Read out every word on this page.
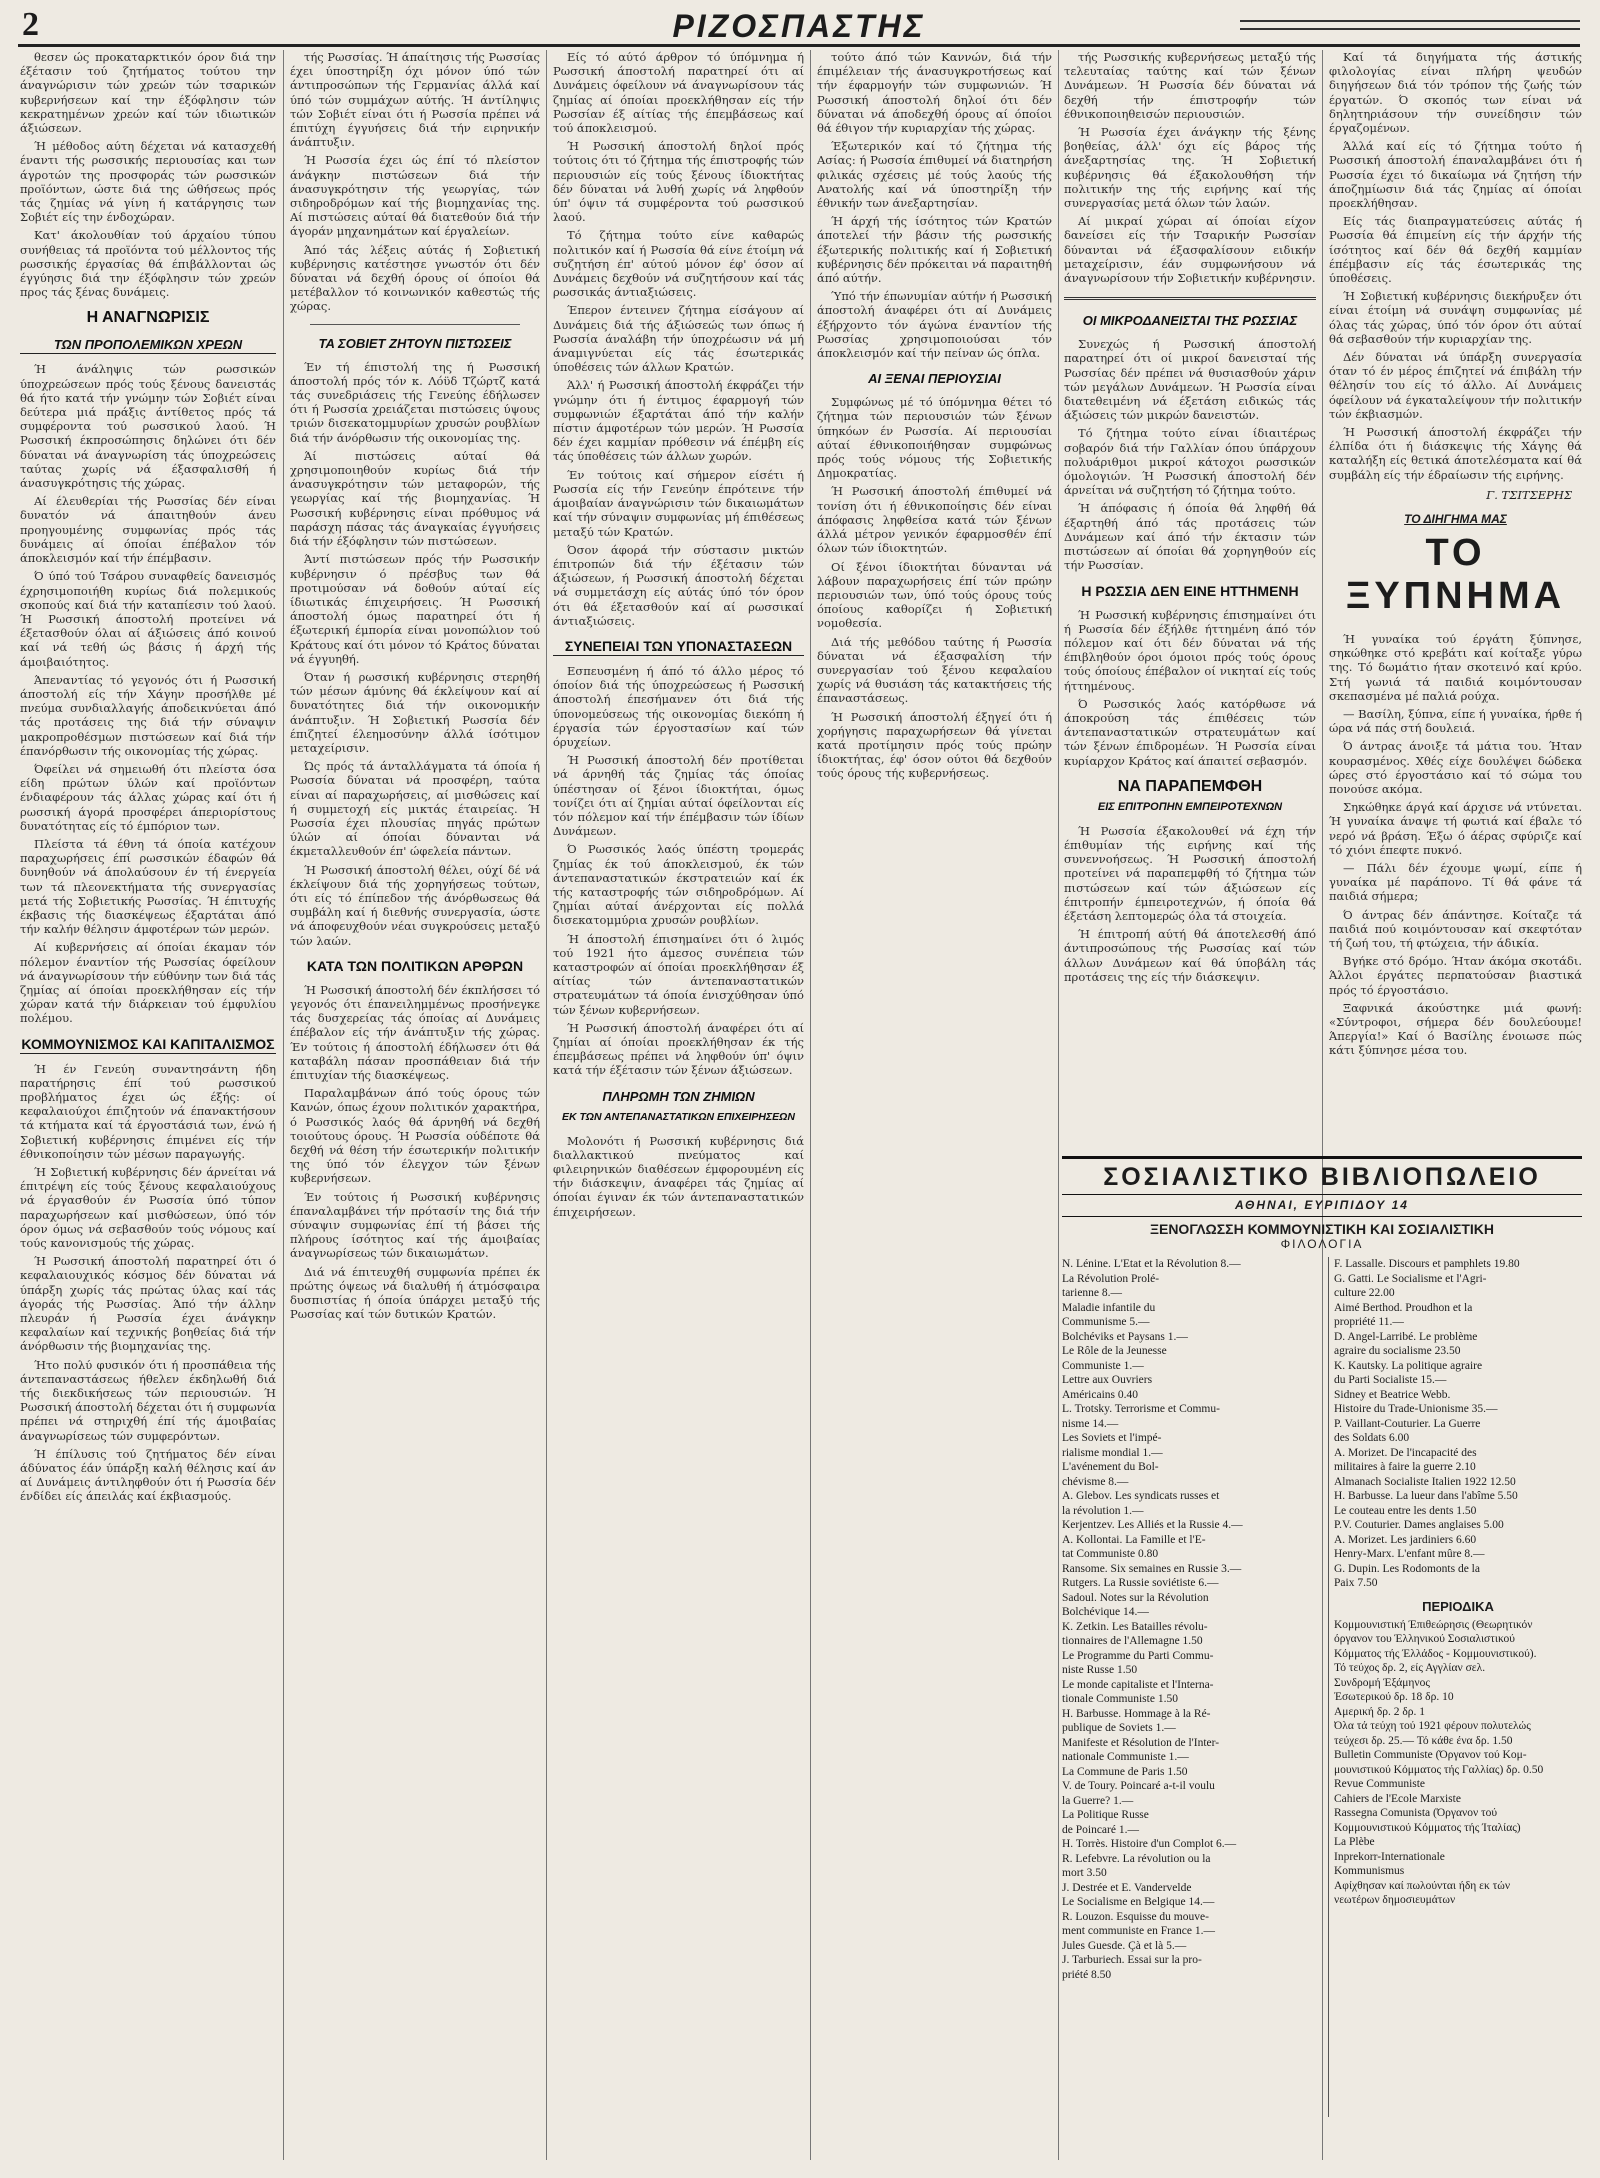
2	ΡΙΖΟΣΠΑΣΤΗΣ

θεσεν ώς προκαταρκτικόν όρον διά την έξέτασιν τού ζητήματος τούτου την άναγνώρισιν τών χρεών τών τσαρικών κυβερνήσεων καί την έξόφλησιν τών κεκρατημένων χρεών καί τών ιδιωτικών άξιώσεων.

Ή μέθοδος αύτη δέχεται νά κατασχεθή έναντι τής ρωσσικής περιουσίας και των άγροτών της προσφοράς τών ρωσσικών προϊόντων, ώστε διά της ώθήσεως πρός τάς ζημίας νά γίνη ή κατάργησις των Σοβιέτ είς την ένδοχώραν.

Κατ' άκολουθίαν τού άρχαίου τύπου συνήθειας τά προϊόντα τού μέλλοντος τής ρωσσικής έργασίας θά έπιβάλλονται ώς έγγύησις διά την έξόφλησιν τών χρεών προς τάς ξένας δυνάμεις.

Η ΑΝΑΓΝΩΡΙΣΙΣ
ΤΩΝ ΠΡΟΠΟΛΕΜΙΚΩΝ ΧΡΕΩΝ

Ή άνάληψις τών ρωσσικών ύποχρεώσεων πρός τούς ξένους δανειστάς θά ήτο κατά τήν γνώμην τών Σοβιέτ είναι δεύτερα μιά πράξις άντίθετος πρός τά συμφέροντα τού ρωσσικού λαού. Ή Ρωσσική έκπροσώπησις δηλώνει ότι δέν δύναται νά άναγνωρίση τάς ύποχρεώσεις ταύτας χωρίς νά έξασφαλισθή ή άνασυγκρότησις τής χώρας.

Αί έλευθερίαι τής Ρωσσίας δέν είναι δυνατόν νά άπαιτηθούν άνευ προηγουμένης συμφωνίας πρός τάς δυνάμεις αί όποίαι έπέβαλον τόν άποκλεισμόν καί τήν έπέμβασιν.

Ό ύπό τού Τσάρου συναφθείς δανεισμός έχρησιμοποιήθη κυρίως διά πολεμικούς σκοπούς καί διά τήν καταπίεσιν τού λαού. Ή Ρωσσική άποστολή προτείνει νά έξετασθούν όλαι αί άξιώσεις άπό κοινού καί νά τεθή ώς βάσις ή άρχή τής άμοιβαιότητος.

Άπεναντίας τό γεγονός ότι ή Ρωσσική άποστολή είς τήν Χάγην προσήλθε μέ πνεύμα συνδιαλλαγής άποδεικνύεται άπό τάς προτάσεις της διά τήν σύναψιν μακροπροθέσμων πιστώσεων καί διά τήν έπανόρθωσιν τής οικονομίας τής χώρας.

Όφείλει νά σημειωθή ότι πλείστα όσα είδη πρώτων ύλών καί προϊόντων ένδιαφέρουν τάς άλλας χώρας καί ότι ή ρωσσική άγορά προσφέρει άπεριορίστους δυνατότητας είς τό έμπόριον των.

Πλείστα τά έθνη τά όποία κατέχουν παραχωρήσεις έπί ρωσσικών έδαφών θά δυνηθούν νά άπολαύσουν έν τή ένεργεία των τά πλεονεκτήματα τής συνεργασίας μετά τής Σοβιετικής Ρωσσίας. Ή έπιτυχής έκβασις τής διασκέψεως έξαρτάται άπό τήν καλήν θέλησιν άμφοτέρων τών μερών.

Αί κυβερνήσεις αί όποίαι έκαμαν τόν πόλεμον έναντίον τής Ρωσσίας όφείλουν νά άναγνωρίσουν τήν εύθύνην των διά τάς ζημίας αί όποίαι προεκλήθησαν είς τήν χώραν κατά τήν διάρκειαν τού έμφυλίου πολέμου.

ΚΟΜΜΟΥΝΙΣΜΟΣ ΚΑΙ ΚΑΠΙΤΑΛΙΣΜΟΣ

Ή έν Γενεύη συναντησάντη ήδη παρατήρησις έπί τού ρωσσικού προβλήματος έχει ώς έξής: οί κεφαλαιούχοι έπιζητούν νά έπανακτήσουν τά κτήματα καί τά έργοστάσιά των, ένώ ή Σοβιετική κυβέρνησις έπιμένει είς τήν έθνικοποίησιν τών μέσων παραγωγής.

Ή Σοβιετική κυβέρνησις δέν άρνείται νά έπιτρέψη είς τούς ξένους κεφαλαιούχους νά έργασθούν έν Ρωσσία ύπό τύπον παραχωρήσεων καί μισθώσεων, ύπό τόν όρον όμως νά σεβασθούν τούς νόμους καί τούς κανονισμούς τής χώρας.

Ή Ρωσσική άποστολή παρατηρεί ότι ό κεφαλαιουχικός κόσμος δέν δύναται νά ύπάρξη χωρίς τάς πρώτας ύλας καί τάς άγοράς τής Ρωσσίας. Άπό τήν άλλην πλευράν ή Ρωσσία έχει άνάγκην κεφαλαίων καί τεχνικής βοηθείας διά τήν άνόρθωσιν τής βιομηχανίας της.

Ήτο πολύ φυσικόν ότι ή προσπάθεια τής άντεπαναστάσεως ήθελεν έκδηλωθή διά τής διεκδικήσεως τών περιουσιών. Ή Ρωσσική άποστολή δέχεται ότι ή συμφωνία πρέπει νά στηριχθή έπί τής άμοιβαίας άναγνωρίσεως τών συμφερόντων.

Ή έπίλυσις τού ζητήματος δέν είναι άδύνατος έάν ύπάρξη καλή θέλησις καί άν αί Δυνάμεις άντιληφθούν ότι ή Ρωσσία δέν ένδίδει είς άπειλάς καί έκβιασμούς.

τής Ρωσσίας. Ή άπαίτησις τής Ρωσσίας έχει ύποστηρίξη όχι μόνον ύπό τών άντιπροσώπων τής Γερμανίας άλλά καί ύπό τών συμμάχων αύτής. Ή άντίληψις τών Σοβιέτ είναι ότι ή Ρωσσία πρέπει νά έπιτύχη έγγυήσεις διά τήν ειρηνικήν άνάπτυξιν.

Ή Ρωσσία έχει ώς έπί τό πλείστον άνάγκην πιστώσεων διά τήν άνασυγκρότησιν τής γεωργίας, τών σιδηροδρόμων καί τής βιομηχανίας της. Αί πιστώσεις αύταί θά διατεθούν διά τήν άγοράν μηχανημάτων καί έργαλείων.

Άπό τάς λέξεις αύτάς ή Σοβιετική κυβέρνησις κατέστησε γνωστόν ότι δέν δύναται νά δεχθή όρους οί όποίοι θά μετέβαλλον τό κοινωνικόν καθεστώς τής χώρας.

ΤΑ ΣΟΒΙΕΤ ΖΗΤΟΥΝ ΠΙΣΤΩΣΕΙΣ

Έν τή έπιστολή της ή Ρωσσική άποστολή πρός τόν κ. Λόϋδ Τζώρτζ κατά τάς συνεδριάσεις τής Γενεύης έδήλωσεν ότι ή Ρωσσία χρειάζεται πιστώσεις ύψους τριών δισεκατομμυρίων χρυσών ρουβλίων διά τήν άνόρθωσιν τής οικονομίας της.

Άί πιστώσεις αύταί θά χρησιμοποιηθούν κυρίως διά τήν άνασυγκρότησιν τών μεταφορών, τής γεωργίας καί τής βιομηχανίας. Ή Ρωσσική κυβέρνησις είναι πρόθυμος νά παράσχη πάσας τάς άναγκαίας έγγυήσεις διά τήν έξόφλησιν τών πιστώσεων.

Άντί πιστώσεων πρός τήν Ρωσσικήν κυβέρνησιν ό πρέσβυς των θά προτιμούσαν νά δοθούν αύταί είς ίδιωτικάς έπιχειρήσεις. Ή Ρωσσική άποστολή όμως παρατηρεί ότι ή έξωτερική έμπορία είναι μονοπώλιον τού Κράτους καί ότι μόνον τό Κράτος δύναται νά έγγυηθή.

Όταν ή ρωσσική κυβέρνησις στερηθή τών μέσων άμύνης θά έκλείψουν καί αί δυνατότητες διά τήν οικονομικήν άνάπτυξιν. Ή Σοβιετική Ρωσσία δέν έπιζητεί έλεημοσύνην άλλά ίσότιμον μεταχείρισιν.

Ώς πρός τά άνταλλάγματα τά όποία ή Ρωσσία δύναται νά προσφέρη, ταύτα είναι αί παραχωρήσεις, αί μισθώσεις καί ή συμμετοχή είς μικτάς έταιρείας. Ή Ρωσσία έχει πλουσίας πηγάς πρώτων ύλών αί όποίαι δύνανται νά έκμεταλλευθούν έπ' ώφελεία πάντων.

Ή Ρωσσική άποστολή θέλει, ούχί δέ νά έκλείψουν διά τής χορηγήσεως τούτων, ότι είς τό έπίπεδον τής άνόρθωσεως θά συμβάλη καί ή διεθνής συνεργασία, ώστε νά άποφευχθούν νέαι συγκρούσεις μεταξύ τών λαών.

ΚΑΤΑ ΤΩΝ ΠΟΛΙΤΙΚΩΝ ΑΡΘΡΩΝ

Ή Ρωσσική άποστολή δέν έκπλήσσει τό γεγονός ότι έπανειλημμένως προσήνεγκε τάς δυσχερείας τάς όποίας αί Δυνάμεις έπέβαλον είς τήν άνάπτυξιν τής χώρας. Έν τούτοις ή άποστολή έδήλωσεν ότι θά καταβάλη πάσαν προσπάθειαν διά τήν έπιτυχίαν τής διασκέψεως.

Παραλαμβάνων άπό τούς όρους τών Κανών, όπως έχουν πολιτικόν χαρακτήρα, ό Ρωσσικός λαός θά άρνηθή νά δεχθή τοιούτους όρους. Ή Ρωσσία ούδέποτε θά δεχθή νά θέση τήν έσωτερικήν πολιτικήν της ύπό τόν έλεγχον τών ξένων κυβερνήσεων.

Έν τούτοις ή Ρωσσική κυβέρνησις έπαναλαμβάνει τήν πρότασίν της διά τήν σύναψιν συμφωνίας έπί τή βάσει τής πλήρους ίσότητος καί τής άμοιβαίας άναγνωρίσεως τών δικαιωμάτων.

Διά νά έπιτευχθή συμφωνία πρέπει έκ πρώτης όψεως νά διαλυθή ή άτμόσφαιρα δυσπιστίας ή όποία ύπάρχει μεταξύ τής Ρωσσίας καί τών δυτικών Κρατών.

Είς τό αύτό άρθρον τό ύπόμνημα ή Ρωσσική άποστολή παρατηρεί ότι αί Δυνάμεις όφείλουν νά άναγνωρίσουν τάς ζημίας αί όποίαι προεκλήθησαν είς τήν Ρωσσίαν έξ αίτίας τής έπεμβάσεως καί τού άποκλεισμού.

Ή Ρωσσική άποστολή δηλοί πρός τούτοις ότι τό ζήτημα τής έπιστροφής τών περιουσιών είς τούς ξένους ίδιοκτήτας δέν δύναται νά λυθή χωρίς νά ληφθούν ύπ' όψιν τά συμφέροντα τού ρωσσικού λαού.

Τό ζήτημα τούτο είνε καθαρώς πολιτικόν καί ή Ρωσσία θά είνε έτοίμη νά συζητήση έπ' αύτού μόνον έφ' όσον αί Δυνάμεις δεχθούν νά συζητήσουν καί τάς ρωσσικάς άντιαξιώσεις.

Έπερον έντεινεν ζήτημα είσάγουν αί Δυνάμεις διά τής άξιώσεώς των όπως ή Ρωσσία άναλάβη τήν ύποχρέωσιν νά μή άναμιγνύεται είς τάς έσωτερικάς ύποθέσεις τών άλλων Κρατών.

Άλλ' ή Ρωσσική άποστολή έκφράζει τήν γνώμην ότι ή έντιμος έφαρμογή τών συμφωνιών έξαρτάται άπό τήν καλήν πίστιν άμφοτέρων τών μερών. Ή Ρωσσία δέν έχει καμμίαν πρόθεσιν νά έπέμβη είς τάς ύποθέσεις τών άλλων χωρών.

Έν τούτοις καί σήμερον είσέτι ή Ρωσσία είς τήν Γενεύην έπρότεινε τήν άμοιβαίαν άναγνώρισιν τών δικαιωμάτων καί τήν σύναψιν συμφωνίας μή έπιθέσεως μεταξύ τών Κρατών.

Όσον άφορά τήν σύστασιν μικτών έπιτροπών διά τήν έξέτασιν τών άξιώσεων, ή Ρωσσική άποστολή δέχεται νά συμμετάσχη είς αύτάς ύπό τόν όρον ότι θά έξετασθούν καί αί ρωσσικαί άντιαξιώσεις.

ΣΥΝΕΠΕΙΑΙ ΤΩΝ ΥΠΟΝΑΣΤΑΣΕΩΝ

Εσπευσμένη ή άπό τό άλλο μέρος τό όποίον διά τής ύποχρεώσεως ή Ρωσσική άποστολή έπεσήμανεν ότι διά τής ύπονομεύσεως τής οικονομίας διεκόπη ή έργασία τών έργοστασίων καί τών όρυχείων.

Ή Ρωσσική άποστολή δέν προτίθεται νά άρνηθή τάς ζημίας τάς όποίας ύπέστησαν οί ξένοι ίδιοκτήται, όμως τονίζει ότι αί ζημίαι αύταί όφείλονται είς τόν πόλεμον καί τήν έπέμβασιν τών ίδίων Δυνάμεων.

Ό Ρωσσικός λαός ύπέστη τρομεράς ζημίας έκ τού άποκλεισμού, έκ τών άντεπαναστατικών έκστρατειών καί έκ τής καταστροφής τών σιδηροδρόμων. Αί ζημίαι αύταί άνέρχονται είς πολλά δισεκατομμύρια χρυσών ρουβλίων.

Ή άποστολή έπισημαίνει ότι ό λιμός τού 1921 ήτο άμεσος συνέπεια τών καταστροφών αί όποίαι προεκλήθησαν έξ αίτίας τών άντεπαναστατικών στρατευμάτων τά όποία ένισχύθησαν ύπό τών ξένων κυβερνήσεων.

Ή Ρωσσική άποστολή άναφέρει ότι αί ζημίαι αί όποίαι προεκλήθησαν έκ τής έπεμβάσεως πρέπει νά ληφθούν ύπ' όψιν κατά τήν έξέτασιν τών ξένων άξιώσεων.

ΠΛΗΡΩΜΗ ΤΩΝ ΖΗΜΙΩΝ
ΕΚ ΤΩΝ ΑΝΤΕΠΑΝΑΣΤΑΤΙΚΩΝ ΕΠΙΧΕΙΡΗΣΕΩΝ

Μολονότι ή Ρωσσική κυβέρνησις διά διαλλακτικού πνεύματος καί φιλειρηνικών διαθέσεων έμφορουμένη είς τήν διάσκεψιν, άναφέρει τάς ζημίας αί όποίαι έγιναν έκ τών άντεπαναστατικών έπιχειρήσεων.

τούτο άπό τών Καννών, διά τήν έπιμέλειαν τής άνασυγκροτήσεως καί τήν έφαρμογήν τών συμφωνιών. Ή Ρωσσική άποστολή δηλοί ότι δέν δύναται νά άποδεχθή όρους αί όποίοι θά έθιγον τήν κυριαρχίαν τής χώρας.

Έξωτερικόν καί τό ζήτημα τής Ασίας: ή Ρωσσία έπιθυμεί νά διατηρήση φιλικάς σχέσεις μέ τούς λαούς τής Ανατολής καί νά ύποστηρίξη τήν έθνικήν των άνεξαρτησίαν.

Ή άρχή τής ίσότητος τών Κρατών άποτελεί τήν βάσιν τής ρωσσικής έξωτερικής πολιτικής καί ή Σοβιετική κυβέρνησις δέν πρόκειται νά παραιτηθή άπό αύτήν.

Ύπό τήν έπωνυμίαν αύτήν ή Ρωσσική άποστολή άναφέρει ότι αί Δυνάμεις έξήρχοντο τόν άγώνα έναντίον τής Ρωσσίας χρησιμοποιούσαι τόν άποκλεισμόν καί τήν πείναν ώς όπλα.

ΑΙ ΞΕΝΑΙ ΠΕΡΙΟΥΣΙΑΙ

Συμφώνως μέ τό ύπόμνημα θέτει τό ζήτημα τών περιουσιών τών ξένων ύπηκόων έν Ρωσσία. Αί περιουσίαι αύταί έθνικοποιήθησαν συμφώνως πρός τούς νόμους τής Σοβιετικής Δημοκρατίας.

Ή Ρωσσική άποστολή έπιθυμεί νά τονίση ότι ή έθνικοποίησις δέν είναι άπόφασις ληφθείσα κατά τών ξένων άλλά μέτρον γενικόν έφαρμοσθέν έπί όλων τών ίδιοκτητών.

Οί ξένοι ίδιοκτήται δύνανται νά λάβουν παραχωρήσεις έπί τών πρώην περιουσιών των, ύπό τούς όρους τούς όποίους καθορίζει ή Σοβιετική νομοθεσία.

Διά τής μεθόδου ταύτης ή Ρωσσία δύναται νά έξασφαλίση τήν συνεργασίαν τού ξένου κεφαλαίου χωρίς νά θυσιάση τάς κατακτήσεις τής έπαναστάσεως.

Ή Ρωσσική άποστολή έξηγεί ότι ή χορήγησις παραχωρήσεων θά γίνεται κατά προτίμησιν πρός τούς πρώην ίδιοκτήτας, έφ' όσον ούτοι θά δεχθούν τούς όρους τής κυβερνήσεως.

τής Ρωσσικής κυβερνήσεως μεταξύ τής τελευταίας ταύτης καί τών ξένων Δυνάμεων. Ή Ρωσσία δέν δύναται νά δεχθή τήν έπιστροφήν τών έθνικοποιηθεισών περιουσιών.

Ή Ρωσσία έχει άνάγκην τής ξένης βοηθείας, άλλ' όχι είς βάρος τής άνεξαρτησίας της. Ή Σοβιετική κυβέρνησις θά έξακολουθήση τήν πολιτικήν της τής ειρήνης καί τής συνεργασίας μετά όλων τών λαών.

Αί μικραί χώραι αί όποίαι είχον δανείσει είς τήν Τσαρικήν Ρωσσίαν δύνανται νά έξασφαλίσουν ειδικήν μεταχείρισιν, έάν συμφωνήσουν νά άναγνωρίσουν τήν Σοβιετικήν κυβέρνησιν.

ΟΙ ΜΙΚΡΟΔΑΝΕΙΣΤΑΙ ΤΗΣ ΡΩΣΣΙΑΣ

Συνεχώς ή Ρωσσική άποστολή παρατηρεί ότι οί μικροί δανεισταί τής Ρωσσίας δέν πρέπει νά θυσιασθούν χάριν τών μεγάλων Δυνάμεων. Ή Ρωσσία είναι διατεθειμένη νά έξετάση ειδικώς τάς άξιώσεις τών μικρών δανειστών.

Τό ζήτημα τούτο είναι ίδιαιτέρως σοβαρόν διά τήν Γαλλίαν όπου ύπάρχουν πολυάριθμοι μικροί κάτοχοι ρωσσικών όμολογιών. Ή Ρωσσική άποστολή δέν άρνείται νά συζητήση τό ζήτημα τούτο.

Ή άπόφασις ή όποία θά ληφθή θά έξαρτηθή άπό τάς προτάσεις τών Δυνάμεων καί άπό τήν έκτασιν τών πιστώσεων αί όποίαι θά χορηγηθούν είς τήν Ρωσσίαν.

Η ΡΩΣΣΙΑ ΔΕΝ ΕΙΝΕ ΗΤΤΗΜΕΝΗ

Ή Ρωσσική κυβέρνησις έπισημαίνει ότι ή Ρωσσία δέν έξήλθε ήττημένη άπό τόν πόλεμον καί ότι δέν δύναται νά τής έπιβληθούν όροι όμοιοι πρός τούς όρους τούς όποίους έπέβαλον οί νικηταί είς τούς ήττημένους.

Ό Ρωσσικός λαός κατόρθωσε νά άποκρούση τάς έπιθέσεις τών άντεπαναστατικών στρατευμάτων καί τών ξένων έπιδρομέων. Ή Ρωσσία είναι κυρίαρχον Κράτος καί άπαιτεί σεβασμόν.

ΝΑ ΠΑΡΑΠΕΜΦΘΗ
ΕΙΣ ΕΠΙΤΡΟΠΗΝ ΕΜΠΕΙΡΟΤΕΧΝΩΝ

Ή Ρωσσία έξακολουθεί νά έχη τήν έπιθυμίαν τής ειρήνης καί τής συνεννοήσεως. Ή Ρωσσική άποστολή προτείνει νά παραπεμφθή τό ζήτημα τών πιστώσεων καί τών άξιώσεων είς έπιτροπήν έμπειροτεχνών, ή όποία θά έξετάση λεπτομερώς όλα τά στοιχεία.

Ή έπιτροπή αύτή θά άποτελεσθή άπό άντιπροσώπους τής Ρωσσίας καί τών άλλων Δυνάμεων καί θά ύποβάλη τάς προτάσεις της είς τήν διάσκεψιν.

Καί τά διηγήματα τής άστικής φιλολογίας είναι πλήρη ψευδών διηγήσεων διά τόν τρόπον τής ζωής τών έργατών. Ό σκοπός των είναι νά δηλητηριάσουν τήν συνείδησιν τών έργαζομένων.

Άλλά καί είς τό ζήτημα τούτο ή Ρωσσική άποστολή έπαναλαμβάνει ότι ή Ρωσσία έχει τό δικαίωμα νά ζητήση τήν άποζημίωσιν διά τάς ζημίας αί όποίαι προεκλήθησαν.

Είς τάς διαπραγματεύσεις αύτάς ή Ρωσσία θά έπιμείνη είς τήν άρχήν τής ίσότητος καί δέν θά δεχθή καμμίαν έπέμβασιν είς τάς έσωτερικάς της ύποθέσεις.

Ή Σοβιετική κυβέρνησις διεκήρυξεν ότι είναι έτοίμη νά συνάψη συμφωνίας μέ όλας τάς χώρας, ύπό τόν όρον ότι αύταί θά σεβασθούν τήν κυριαρχίαν της.

Δέν δύναται νά ύπάρξη συνεργασία όταν τό έν μέρος έπιζητεί νά έπιβάλη τήν θέλησίν του είς τό άλλο. Αί Δυνάμεις όφείλουν νά έγκαταλείψουν τήν πολιτικήν τών έκβιασμών.

Ή Ρωσσική άποστολή έκφράζει τήν έλπίδα ότι ή διάσκεψις τής Χάγης θά καταλήξη είς θετικά άποτελέσματα καί θά συμβάλη είς τήν έδραίωσιν τής ειρήνης.

Γ. ΤΣΙΤΣΕΡΗΣ
ΤΟ ΔΙΗΓΗΜΑ ΜΑΣ
ΤΟ ΞΥΠΝΗΜΑ

Ή γυναίκα τού έργάτη ξύπνησε, σηκώθηκε στό κρεβάτι καί κοίταξε γύρω της. Τό δωμάτιο ήταν σκοτεινό καί κρύο. Στή γωνιά τά παιδιά κοιμόντουσαν σκεπασμένα μέ παλιά ρούχα.

— Βασίλη, ξύπνα, είπε ή γυναίκα, ήρθε ή ώρα νά πάς στή δουλειά.

Ό άντρας άνοιξε τά μάτια του. Ήταν κουρασμένος. Χθές είχε δουλέψει δώδεκα ώρες στό έργοστάσιο καί τό σώμα του πονούσε ακόμα.

Σηκώθηκε άργά καί άρχισε νά ντύνεται. Ή γυναίκα άναψε τή φωτιά καί έβαλε τό νερό νά βράση. Έξω ό άέρας σφύριζε καί τό χιόνι έπεφτε πυκνό.

— Πάλι δέν έχουμε ψωμί, είπε ή γυναίκα μέ παράπονο. Τί θά φάνε τά παιδιά σήμερα;

Ό άντρας δέν άπάντησε. Κοίταζε τά παιδιά πού κοιμόντουσαν καί σκεφτόταν τή ζωή του, τή φτώχεια, τήν άδικία.

Βγήκε στό δρόμο. Ήταν άκόμα σκοτάδι. Άλλοι έργάτες περπατούσαν βιαστικά πρός τό έργοστάσιο.

Ξαφνικά άκούστηκε μιά φωνή: «Σύντροφοι, σήμερα δέν δουλεύουμε! Άπεργία!» Καί ό Βασίλης ένοιωσε πώς κάτι ξύπνησε μέσα του.

ΣΟΣΙΑΛΙΣΤΙΚΟ ΒΙΒΛΙΟΠΩΛΕΙΟ
ΑΘΗΝΑΙ, ΕΥΡΙΠΙΔΟΥ 14
ΞΕΝΟΓΛΩΣΣΗ ΚΟΜΜΟΥΝΙΣΤΙΚΗ ΚΑΙ ΣΟΣΙΑΛΙΣΤΙΚΗ
ΦΙΛΟΛΟΓΙΑ
N. Lénine. L'Etat et la Révolution 8.—
La Révolution Prolé-
tarienne 8.—
Maladie infantile du
Communisme 5.—
Bolchéviks et Paysans 1.—
Le Rôle de la Jeunesse
Communiste 1.—
Lettre aux Ouvriers
Américains 0.40
L. Trotsky. Terrorisme et Commu-
nisme 14.—
Les Soviets et l'impé-
rialisme mondial 1.—
L'avénement du Bol-
chévisme 8.—
A. Glebov. Les syndicats russes et
la révolution 1.—
Kerjentzev. Les Alliés et la Russie 4.—
A. Kollontai. La Famille et l'E-
tat Communiste 0.80
Ransome. Six semaines en Russie 3.—
Rutgers. La Russie soviétiste 6.—
Sadoul. Notes sur la Révolution
Bolchévique 14.—
K. Zetkin. Les Batailles révolu-
tionnaires de l'Allemagne 1.50
Le Programme du Parti Commu-
niste Russe 1.50
Le monde capitaliste et l'Interna-
tionale Communiste 1.50
H. Barbusse. Hommage à la Ré-
publique de Soviets 1.—
Manifeste et Résolution de l'Inter-
nationale Communiste 1.—
La Commune de Paris 1.50
V. de Toury. Poincaré a-t-il voulu
la Guerre? 1.—
La Politique Russe
de Poincaré 1.—
H. Torrès. Histoire d'un Complot 6.—
R. Lefebvre. La révolution ou la
mort 3.50
J. Destrée et E. Vandervelde
Le Socialisme en Belgique 14.—
R. Louzon. Esquisse du mouve-
ment communiste en France 1.—
Jules Guesde. Çà et là 5.—
J. Tarburiech. Essai sur la pro-
priété 8.50
F. Lassalle. Discours et pamphlets 19.80
G. Gatti. Le Socialisme et l'Agri-
culture 22.00
Aimé Berthod. Proudhon et la
propriété 11.—
D. Angel-Larribé. Le problème
agraire du socialisme 23.50
K. Kautsky. La politique agraire
du Parti Socialiste 15.—
Sidney et Beatrice Webb.
Histoire du Trade-Unionisme 35.—
P. Vaillant-Couturier. La Guerre
des Soldats 6.00
A. Morizet. De l'incapacité des
militaires à faire la guerre 2.10
Almanach Socialiste Italien 1922 12.50
H. Barbusse. La lueur dans l'abîme 5.50
Le couteau entre les dents 1.50
P.V. Couturier. Dames anglaises 5.00
A. Morizet. Les jardiniers 6.60
Henry-Marx. L'enfant mûre 8.—
G. Dupin. Les Rodomonts de la
Paix 7.50
ΠΕΡΙΟΔΙΚΑ
Κομμουνιστική Έπιθεώρησις (Θεωρητικόν
όργανον του Έλληνικού Σοσιαλιστικού
Κόμματος τής Έλλάδος - Κομμουνιστικού).
Τό τεύχος δρ. 2, είς Αγγλίαν σελ.
Συνδρομή Έξάμηνος
Έσωτερικού δρ. 18 δρ. 10
Αμερική δρ. 2 δρ. 1
Όλα τά τεύχη τού 1921 φέρουν πολυτελώς
τεύχεσι δρ. 25.— Τό κάθε ένα δρ. 1.50
Bulletin Communiste (Όργανον τού Κομ-
μουνιστικού Κόμματος τής Γαλλίας) δρ. 0.50
Revue Communiste
Cahiers de l'Ecole Marxiste
Rassegna Comunista (Όργανον τού
Κομμουνιστικού Κόμματος τής Ίταλίας)
La Plèbe
Inprekorr-Internationale
Kommunismus
Αφίχθησαν καί πωλούνται ήδη εκ τών
νεωτέρων δημοσιευμάτων
